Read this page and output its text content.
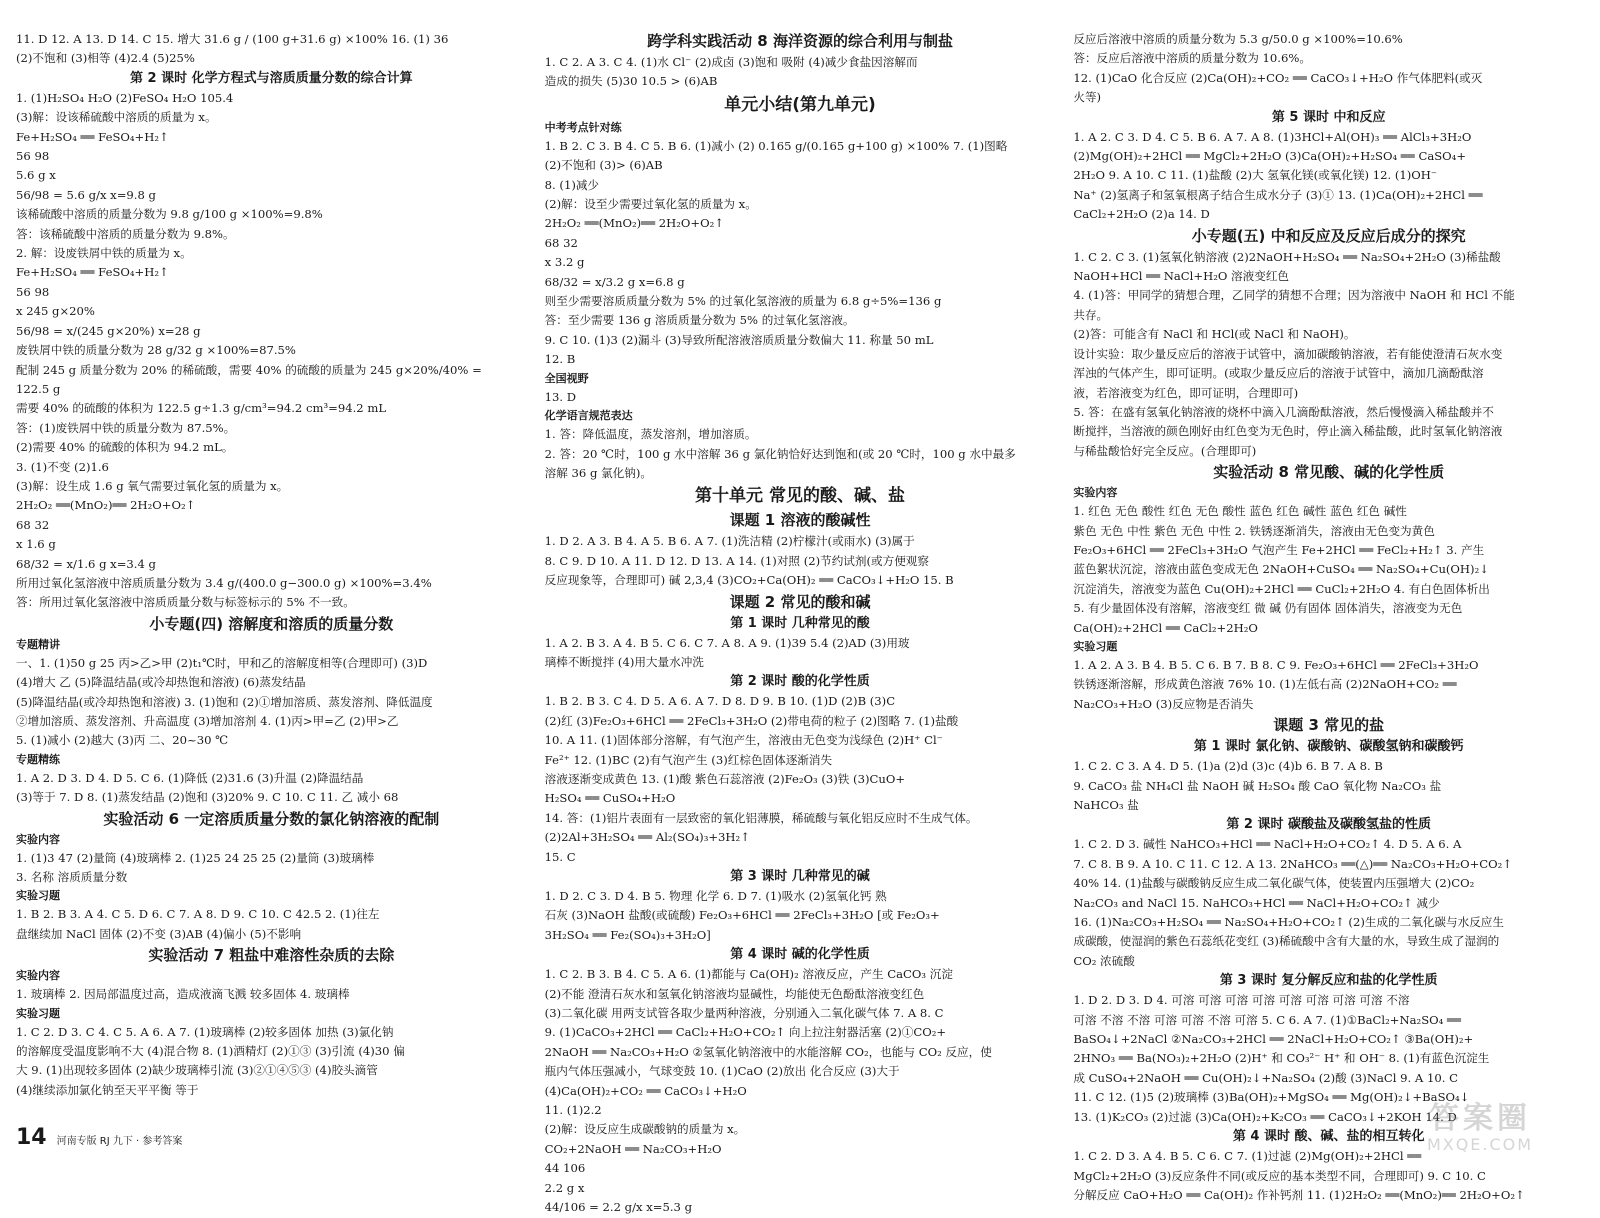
11. D 12. A 13. D 14. C 15. 增大 31.6 g / (100 g+31.6 g) ×100% 16. (1) 36

(2)不饱和 (3)相等 (4)2.4 (5)25%

第 2 课时 化学方程式与溶质质量分数的综合计算

1. (1)H₂SO₄ H₂O (2)FeSO₄ H₂O 105.4

(3)解：设该稀硫酸中溶质的质量为 x。

Fe+H₂SO₄ ══ FeSO₄+H₂↑

56 98

5.6 g x

56/98 = 5.6 g/x x=9.8 g

该稀硫酸中溶质的质量分数为 9.8 g/100 g ×100%=9.8%

答：该稀硫酸中溶质的质量分数为 9.8%。

2. 解：设废铁屑中铁的质量为 x。

Fe+H₂SO₄ ══ FeSO₄+H₂↑

56 98

x 245 g×20%

56/98 = x/(245 g×20%) x=28 g

废铁屑中铁的质量分数为 28 g/32 g ×100%=87.5%

配制 245 g 质量分数为 20% 的稀硫酸，需要 40% 的硫酸的质量为 245 g×20%/40% =

122.5 g

需要 40% 的硫酸的体积为 122.5 g÷1.3 g/cm³=94.2 cm³=94.2 mL

答：(1)废铁屑中铁的质量分数为 87.5%。

(2)需要 40% 的硫酸的体积为 94.2 mL。

3. (1)不变 (2)1.6

(3)解：设生成 1.6 g 氧气需要过氧化氢的质量为 x。

2H₂O₂ ══(MnO₂)══ 2H₂O+O₂↑

68 32

x 1.6 g

68/32 = x/1.6 g x=3.4 g

所用过氧化氢溶液中溶质质量分数为 3.4 g/(400.0 g−300.0 g) ×100%=3.4%

答：所用过氧化氢溶液中溶质质量分数与标签标示的 5% 不一致。

小专题(四) 溶解度和溶质的质量分数
专题精讲

一、1. (1)50 g 25 丙>乙>甲 (2)t₁℃时，甲和乙的溶解度相等(合理即可) (3)D

(4)增大 乙 (5)降温结晶(或冷却热饱和溶液) (6)蒸发结晶

(5)降温结晶(或冷却热饱和溶液) 3. (1)饱和 (2)①增加溶质、蒸发溶剂、降低温度

②增加溶质、蒸发溶剂、升高温度 (3)增加溶剂 4. (1)丙>甲=乙 (2)甲>乙

5. (1)减小 (2)越大 (3)丙 二、20~30 ℃

专题精练

1. A 2. D 3. D 4. D 5. C 6. (1)降低 (2)31.6 (3)升温 (2)降温结晶

(3)等于 7. D 8. (1)蒸发结晶 (2)饱和 (3)20% 9. C 10. C 11. 乙 减小 68

实验活动 6 一定溶质质量分数的氯化钠溶液的配制
实验内容

1. (1)3 47 (2)量筒 (4)玻璃棒 2. (1)25 24 25 25 (2)量筒 (3)玻璃棒

3. 名称 溶质质量分数

实验习题

1. B 2. B 3. A 4. C 5. D 6. C 7. A 8. D 9. C 10. C 42.5 2. (1)往左

盘继续加 NaCl 固体 (2)不变 (3)AB (4)偏小 (5)不影响

实验活动 7 粗盐中难溶性杂质的去除
实验内容

1. 玻璃棒 2. 因局部温度过高，造成液滴飞溅 较多固体 4. 玻璃棒

实验习题

1. C 2. D 3. C 4. C 5. A 6. A 7. (1)玻璃棒 (2)较多固体 加热 (3)氯化钠

的溶解度受温度影响不大 (4)混合物 8. (1)酒精灯 (2)①③ (3)引流 (4)30 偏

大 9. (1)出现较多固体 (2)缺少玻璃棒引流 (3)②①④⑤③ (4)胶头滴管

(4)继续添加氯化钠至天平平衡 等于

跨学科实践活动 8 海洋资源的综合利用与制盐

1. C 2. A 3. C 4. (1)水 Cl⁻ (2)成卤 (3)饱和 吸附 (4)减少食盐因溶解而

造成的损失 (5)30 10.5 > (6)AB

单元小结(第九单元)
中考考点针对练

1. B 2. C 3. B 4. C 5. B 6. (1)减小 (2) 0.165 g/(0.165 g+100 g) ×100% 7. (1)图略

(2)不饱和 (3)> (6)AB

8. (1)减少

(2)解：设至少需要过氧化氢的质量为 x。

2H₂O₂ ══(MnO₂)══ 2H₂O+O₂↑

68 32

x 3.2 g

68/32 = x/3.2 g x=6.8 g

则至少需要溶质质量分数为 5% 的过氧化氢溶液的质量为 6.8 g÷5%=136 g

答：至少需要 136 g 溶质质量分数为 5% 的过氧化氢溶液。

9. C 10. (1)3 (2)漏斗 (3)导致所配溶液溶质质量分数偏大 11. 称量 50 mL

12. B

全国视野

13. D

化学语言规范表达

1. 答：降低温度，蒸发溶剂，增加溶质。

2. 答：20 ℃时，100 g 水中溶解 36 g 氯化钠恰好达到饱和(或 20 ℃时，100 g 水中最多

溶解 36 g 氯化钠)。

第十单元 常见的酸、碱、盐
课题 1 溶液的酸碱性

1. D 2. A 3. B 4. A 5. B 6. A 7. (1)洗洁精 (2)柠檬汁(或雨水) (3)属于

8. C 9. D 10. A 11. D 12. D 13. A 14. (1)对照 (2)节约试剂(或方便观察

反应现象等，合理即可) 碱 2,3,4 (3)CO₂+Ca(OH)₂ ══ CaCO₃↓+H₂O 15. B

课题 2 常见的酸和碱
第 1 课时 几种常见的酸

1. A 2. B 3. A 4. B 5. C 6. C 7. A 8. A 9. (1)39 5.4 (2)AD (3)用玻

璃棒不断搅拌 (4)用大量水冲洗

第 2 课时 酸的化学性质

1. B 2. B 3. C 4. D 5. A 6. A 7. D 8. D 9. B 10. (1)D (2)B (3)C

(2)红 (3)Fe₂O₃+6HCl ══ 2FeCl₃+3H₂O (2)带电荷的粒子 (2)图略 7. (1)盐酸

10. A 11. (1)固体部分溶解，有气泡产生，溶液由无色变为浅绿色 (2)H⁺ Cl⁻

Fe²⁺ 12. (1)BC (2)有气泡产生 (3)红棕色固体逐渐消失

溶液逐渐变成黄色 13. (1)酸 紫色石蕊溶液 (2)Fe₂O₃ (3)铁 (3)CuO+

H₂SO₄ ══ CuSO₄+H₂O

14. 答：(1)铝片表面有一层致密的氧化铝薄膜，稀硫酸与氧化铝反应时不生成气体。

(2)2Al+3H₂SO₄ ══ Al₂(SO₄)₃+3H₂↑

15. C

第 3 课时 几种常见的碱

1. D 2. C 3. D 4. B 5. 物理 化学 6. D 7. (1)吸水 (2)氢氧化钙 熟

石灰 (3)NaOH 盐酸(或硫酸) Fe₂O₃+6HCl ══ 2FeCl₃+3H₂O [或 Fe₂O₃+

3H₂SO₄ ══ Fe₂(SO₄)₃+3H₂O]

第 4 课时 碱的化学性质

1. C 2. B 3. B 4. C 5. A 6. (1)都能与 Ca(OH)₂ 溶液反应，产生 CaCO₃ 沉淀

(2)不能 澄清石灰水和氢氧化钠溶液均显碱性，均能使无色酚酞溶液变红色

(3)二氧化碳 用两支试管各取少量两种溶液，分别通入二氧化碳气体 7. A 8. C

9. (1)CaCO₃+2HCl ══ CaCl₂+H₂O+CO₂↑ 向上拉注射器活塞 (2)①CO₂+

2NaOH ══ Na₂CO₃+H₂O ②氢氧化钠溶液中的水能溶解 CO₂，也能与 CO₂ 反应，使

瓶内气体压强减小，气球变鼓 10. (1)CaO (2)放出 化合反应 (3)大于

(4)Ca(OH)₂+CO₂ ══ CaCO₃↓+H₂O

11. (1)2.2

(2)解：设反应生成碳酸钠的质量为 x。

CO₂+2NaOH ══ Na₂CO₃+H₂O

44 106

2.2 g x

44/106 = 2.2 g/x x=5.3 g

反应后溶液中溶质的质量分数为 5.3 g/50.0 g ×100%=10.6%

答：反应后溶液中溶质的质量分数为 10.6%。

12. (1)CaO 化合反应 (2)Ca(OH)₂+CO₂ ══ CaCO₃↓+H₂O 作气体肥料(或灭

火等)

第 5 课时 中和反应

1. A 2. C 3. D 4. C 5. B 6. A 7. A 8. (1)3HCl+Al(OH)₃ ══ AlCl₃+3H₂O

(2)Mg(OH)₂+2HCl ══ MgCl₂+2H₂O (3)Ca(OH)₂+H₂SO₄ ══ CaSO₄+

2H₂O 9. A 10. C 11. (1)盐酸 (2)大 氢氧化镁(或氧化镁) 12. (1)OH⁻

Na⁺ (2)氢离子和氢氧根离子结合生成水分子 (3)① 13. (1)Ca(OH)₂+2HCl ══

CaCl₂+2H₂O (2)a 14. D

小专题(五) 中和反应及反应后成分的探究

1. C 2. C 3. (1)氢氧化钠溶液 (2)2NaOH+H₂SO₄ ══ Na₂SO₄+2H₂O (3)稀盐酸

NaOH+HCl ══ NaCl+H₂O 溶液变红色

4. (1)答：甲同学的猜想合理，乙同学的猜想不合理；因为溶液中 NaOH 和 HCl 不能

共存。

(2)答：可能含有 NaCl 和 HCl(或 NaCl 和 NaOH)。

设计实验：取少量反应后的溶液于试管中，滴加碳酸钠溶液，若有能使澄清石灰水变

浑浊的气体产生，即可证明。(或取少量反应后的溶液于试管中，滴加几滴酚酞溶

液，若溶液变为红色，即可证明，合理即可)

5. 答：在盛有氢氧化钠溶液的烧杯中滴入几滴酚酞溶液，然后慢慢滴入稀盐酸并不

断搅拌，当溶液的颜色刚好由红色变为无色时，停止滴入稀盐酸，此时氢氧化钠溶液

与稀盐酸恰好完全反应。(合理即可)

实验活动 8 常见酸、碱的化学性质
实验内容

1. 红色 无色 酸性 红色 无色 酸性 蓝色 红色 碱性 蓝色 红色 碱性

紫色 无色 中性 紫色 无色 中性 2. 铁锈逐渐消失，溶液由无色变为黄色

Fe₂O₃+6HCl ══ 2FeCl₃+3H₂O 气泡产生 Fe+2HCl ══ FeCl₂+H₂↑ 3. 产生

蓝色絮状沉淀，溶液由蓝色变成无色 2NaOH+CuSO₄ ══ Na₂SO₄+Cu(OH)₂↓

沉淀消失，溶液变为蓝色 Cu(OH)₂+2HCl ══ CuCl₂+2H₂O 4. 有白色固体析出

5. 有少量固体没有溶解，溶液变红 微 碱 仍有固体 固体消失，溶液变为无色

Ca(OH)₂+2HCl ══ CaCl₂+2H₂O

实验习题

1. A 2. A 3. B 4. B 5. C 6. B 7. B 8. C 9. Fe₂O₃+6HCl ══ 2FeCl₃+3H₂O

铁锈逐渐溶解，形成黄色溶液 76% 10. (1)左低右高 (2)2NaOH+CO₂ ══

Na₂CO₃+H₂O (3)反应物是否消失

课题 3 常见的盐
第 1 课时 氯化钠、碳酸钠、碳酸氢钠和碳酸钙

1. C 2. C 3. A 4. D 5. (1)a (2)d (3)c (4)b 6. B 7. A 8. B

9. CaCO₃ 盐 NH₄Cl 盐 NaOH 碱 H₂SO₄ 酸 CaO 氧化物 Na₂CO₃ 盐

NaHCO₃ 盐

第 2 课时 碳酸盐及碳酸氢盐的性质

1. C 2. D 3. 碱性 NaHCO₃+HCl ══ NaCl+H₂O+CO₂↑ 4. D 5. A 6. A

7. C 8. B 9. A 10. C 11. C 12. A 13. 2NaHCO₃ ══(△)══ Na₂CO₃+H₂O+CO₂↑

40% 14. (1)盐酸与碳酸钠反应生成二氧化碳气体，使装置内压强增大 (2)CO₂

Na₂CO₃ and NaCl 15. NaHCO₃+HCl ══ NaCl+H₂O+CO₂↑ 减少

16. (1)Na₂CO₃+H₂SO₄ ══ Na₂SO₄+H₂O+CO₂↑ (2)生成的二氧化碳与水反应生

成碳酸，使湿润的紫色石蕊纸花变红 (3)稀硫酸中含有大量的水，导致生成了湿润的

CO₂ 浓硫酸

第 3 课时 复分解反应和盐的化学性质

1. D 2. D 3. D 4. 可溶 可溶 可溶 可溶 可溶 可溶 可溶 可溶 不溶

可溶 不溶 不溶 可溶 可溶 不溶 可溶 5. C 6. A 7. (1)①BaCl₂+Na₂SO₄ ══

BaSO₄↓+2NaCl ②Na₂CO₃+2HCl ══ 2NaCl+H₂O+CO₂↑ ③Ba(OH)₂+

2HNO₃ ══ Ba(NO₃)₂+2H₂O (2)H⁺ 和 CO₃²⁻ H⁺ 和 OH⁻ 8. (1)有蓝色沉淀生

成 CuSO₄+2NaOH ══ Cu(OH)₂↓+Na₂SO₄ (2)酸 (3)NaCl 9. A 10. C

11. C 12. (1)5 (2)玻璃棒 (3)Ba(OH)₂+MgSO₄ ══ Mg(OH)₂↓+BaSO₄↓

13. (1)K₂CO₃ (2)过滤 (3)Ca(OH)₂+K₂CO₃ ══ CaCO₃↓+2KOH 14. D

第 4 课时 酸、碱、盐的相互转化

1. C 2. D 3. A 4. B 5. C 6. C 7. (1)过滤 (2)Mg(OH)₂+2HCl ══

MgCl₂+2H₂O (3)反应条件不同(或反应的基本类型不同，合理即可) 9. C 10. C

分解反应 CaO+H₂O ══ Ca(OH)₂ 作补钙剂 11. (1)2H₂O₂ ══(MnO₂)══ 2H₂O+O₂↑

14 河南专版 RJ 九下 · 参考答案
答案圈
MXQE.COM
